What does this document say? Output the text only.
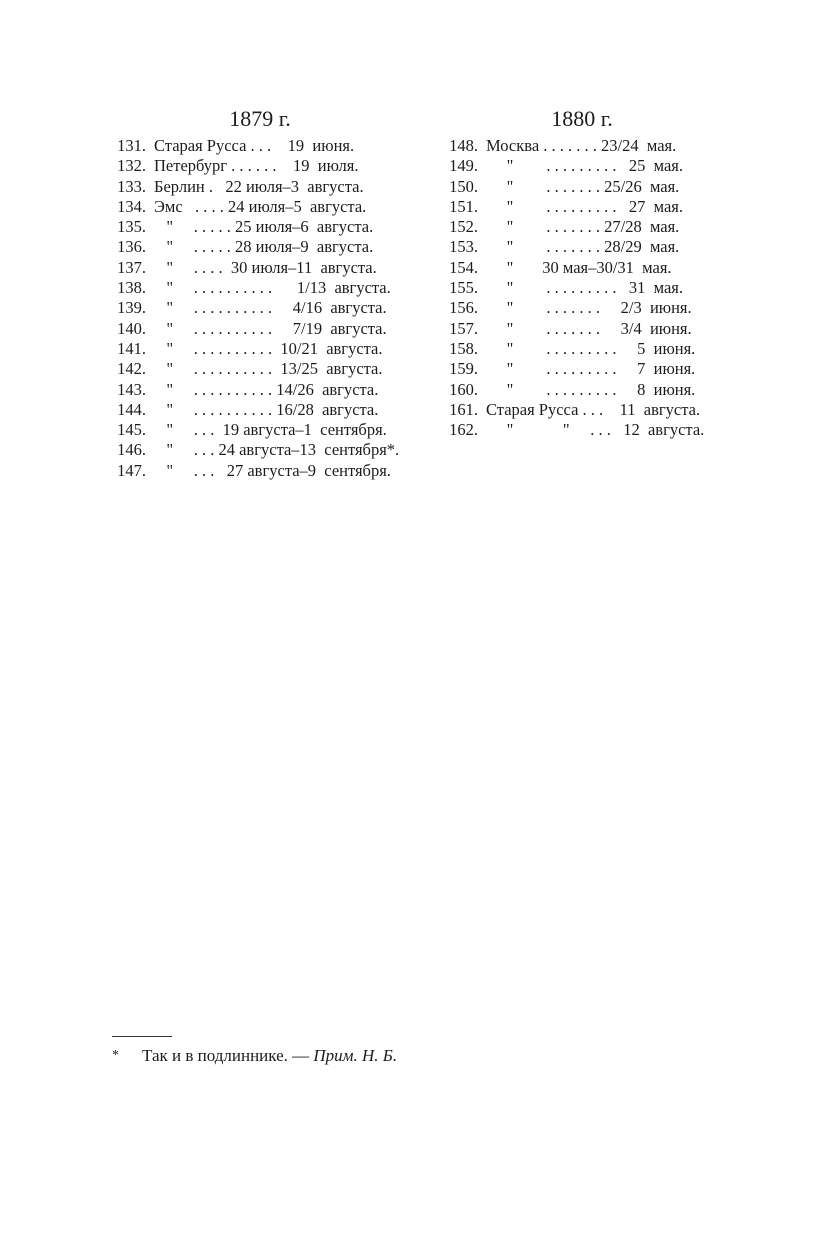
1879 г.
131. Старая Русса . . .    19  июня.
132. Петербург . . . . . .    19  июля.
133. Берлин .   22 июля–3  августа.
134. Эмс   . . . . 24 июля–5  августа.
135. "     . . . . . 25 июля–6  августа.
136. "     . . . . . 28 июля–9  августа.
137. "     . . . .  30 июля–11  августа.
138. "     . . . . . . . . . .      1/13  августа.
139. "     . . . . . . . . . .     4/16  августа.
140. "     . . . . . . . . . .     7/19  августа.
141. "     . . . . . . . . . .  10/21  августа.
142. "     . . . . . . . . . .  13/25  августа.
143. "     . . . . . . . . . . 14/26  августа.
144. "     . . . . . . . . . . 16/28  августа.
145. "     . . .  19 августа–1  сентября.
146. "     . . . 24 августа–13  сентября*.
147. "     . . .   27 августа–9  сентября.
1880 г.
148. Москва . . . . . . . 23/24  мая.
149. "        . . . . . . . . .   25  мая.
150. "        . . . . . . . 25/26  мая.
151. "        . . . . . . . . .   27  мая.
152. "        . . . . . . . 27/28  мая.
153. "        . . . . . . . 28/29  мая.
154. "       30 мая–30/31  мая.
155. "        . . . . . . . . .   31  мая.
156. "        . . . . . . .     2/3  июня.
157. "        . . . . . . .     3/4  июня.
158. "        . . . . . . . . .     5  июня.
159. "        . . . . . . . . .     7  июня.
160. "        . . . . . . . . .     8  июня.
161. Старая Русса . . .    11  августа.
162. "            "     . . .   12  августа.
* Так и в подлиннике. — Прим. Н. Б.
